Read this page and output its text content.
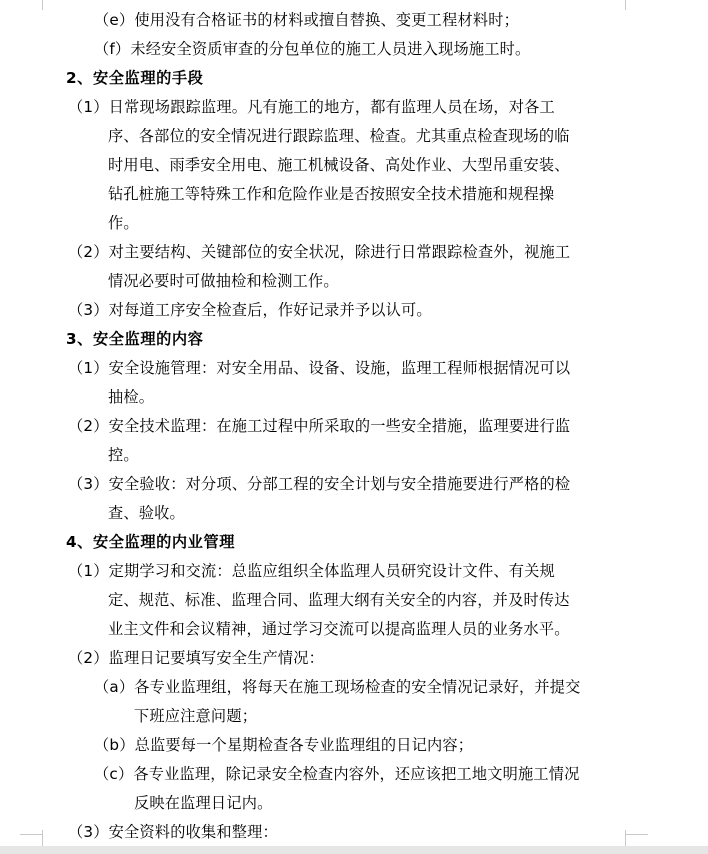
（e）使用没有合格证书的材料或擅自替换、变更工程材料时；
（f）未经安全资质审查的分包单位的施工人员进入现场施工时。
2、安全监理的手段
（1）日常现场跟踪监理。凡有施工的地方，都有监理人员在场，对各工
序、各部位的安全情况进行跟踪监理、检查。尤其重点检查现场的临
时用电、雨季安全用电、施工机械设备、高处作业、大型吊重安装、
钻孔桩施工等特殊工作和危险作业是否按照安全技术措施和规程操
作。
（2）对主要结构、关键部位的安全状况，除进行日常跟踪检查外，视施工
情况必要时可做抽检和检测工作。
（3）对每道工序安全检查后，作好记录并予以认可。
3、安全监理的内容
（1）安全设施管理：对安全用品、设备、设施，监理工程师根据情况可以
抽检。
（2）安全技术监理：在施工过程中所采取的一些安全措施，监理要进行监
控。
（3）安全验收：对分项、分部工程的安全计划与安全措施要进行严格的检
查、验收。
4、安全监理的内业管理
（1）定期学习和交流：总监应组织全体监理人员研究设计文件、有关规
定、规范、标准、监理合同、监理大纲有关安全的内容，并及时传达
业主文件和会议精神，通过学习交流可以提高监理人员的业务水平。
（2）监理日记要填写安全生产情况：
（a）各专业监理组，将每天在施工现场检查的安全情况记录好，并提交
下班应注意问题；
（b）总监要每一个星期检查各专业监理组的日记内容；
（c）各专业监理，除记录安全检查内容外，还应该把工地文明施工情况
反映在监理日记内。
（3）安全资料的收集和整理：
